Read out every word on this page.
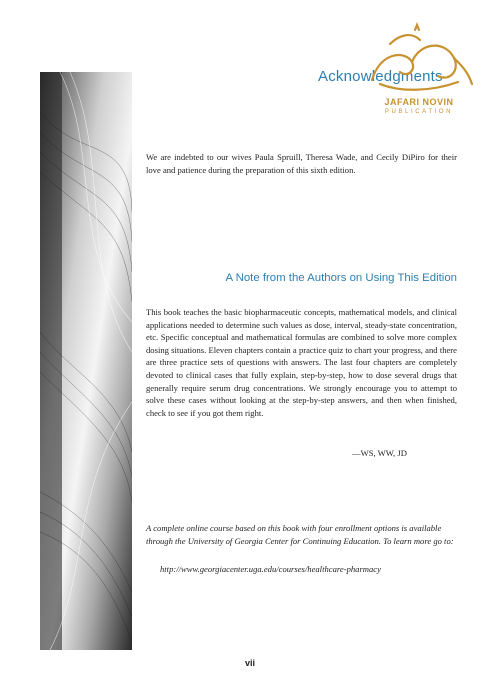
Acknowledgments
JAFARI NOVIN
PUBLICATION

We are indebted to our wives Paula Spruill, Theresa Wade, and Cecily DiPiro for their love and patience during the preparation of this sixth edition.

A Note from the Authors on Using This Edition

This book teaches the basic biopharmaceutic concepts, mathematical models, and clinical applications needed to determine such values as dose, interval, steady-state concentration, etc. Specific conceptual and mathematical formulas are combined to solve more complex dosing situations. Eleven chapters contain a practice quiz to chart your progress, and there are three practice sets of questions with answers. The last four chapters are completely devoted to clinical cases that fully explain, step-by-step, how to dose several drugs that generally require serum drug concentrations. We strongly encourage you to attempt to solve these cases without looking at the step-by-step answers, and then when finished, check to see if you got them right.

—WS, WW, JD

A complete online course based on this book with four enrollment options is available through the University of Georgia Center for Continuing Education. To learn more go to:

http://www.georgiacenter.uga.edu/courses/healthcare-pharmacy
vii
